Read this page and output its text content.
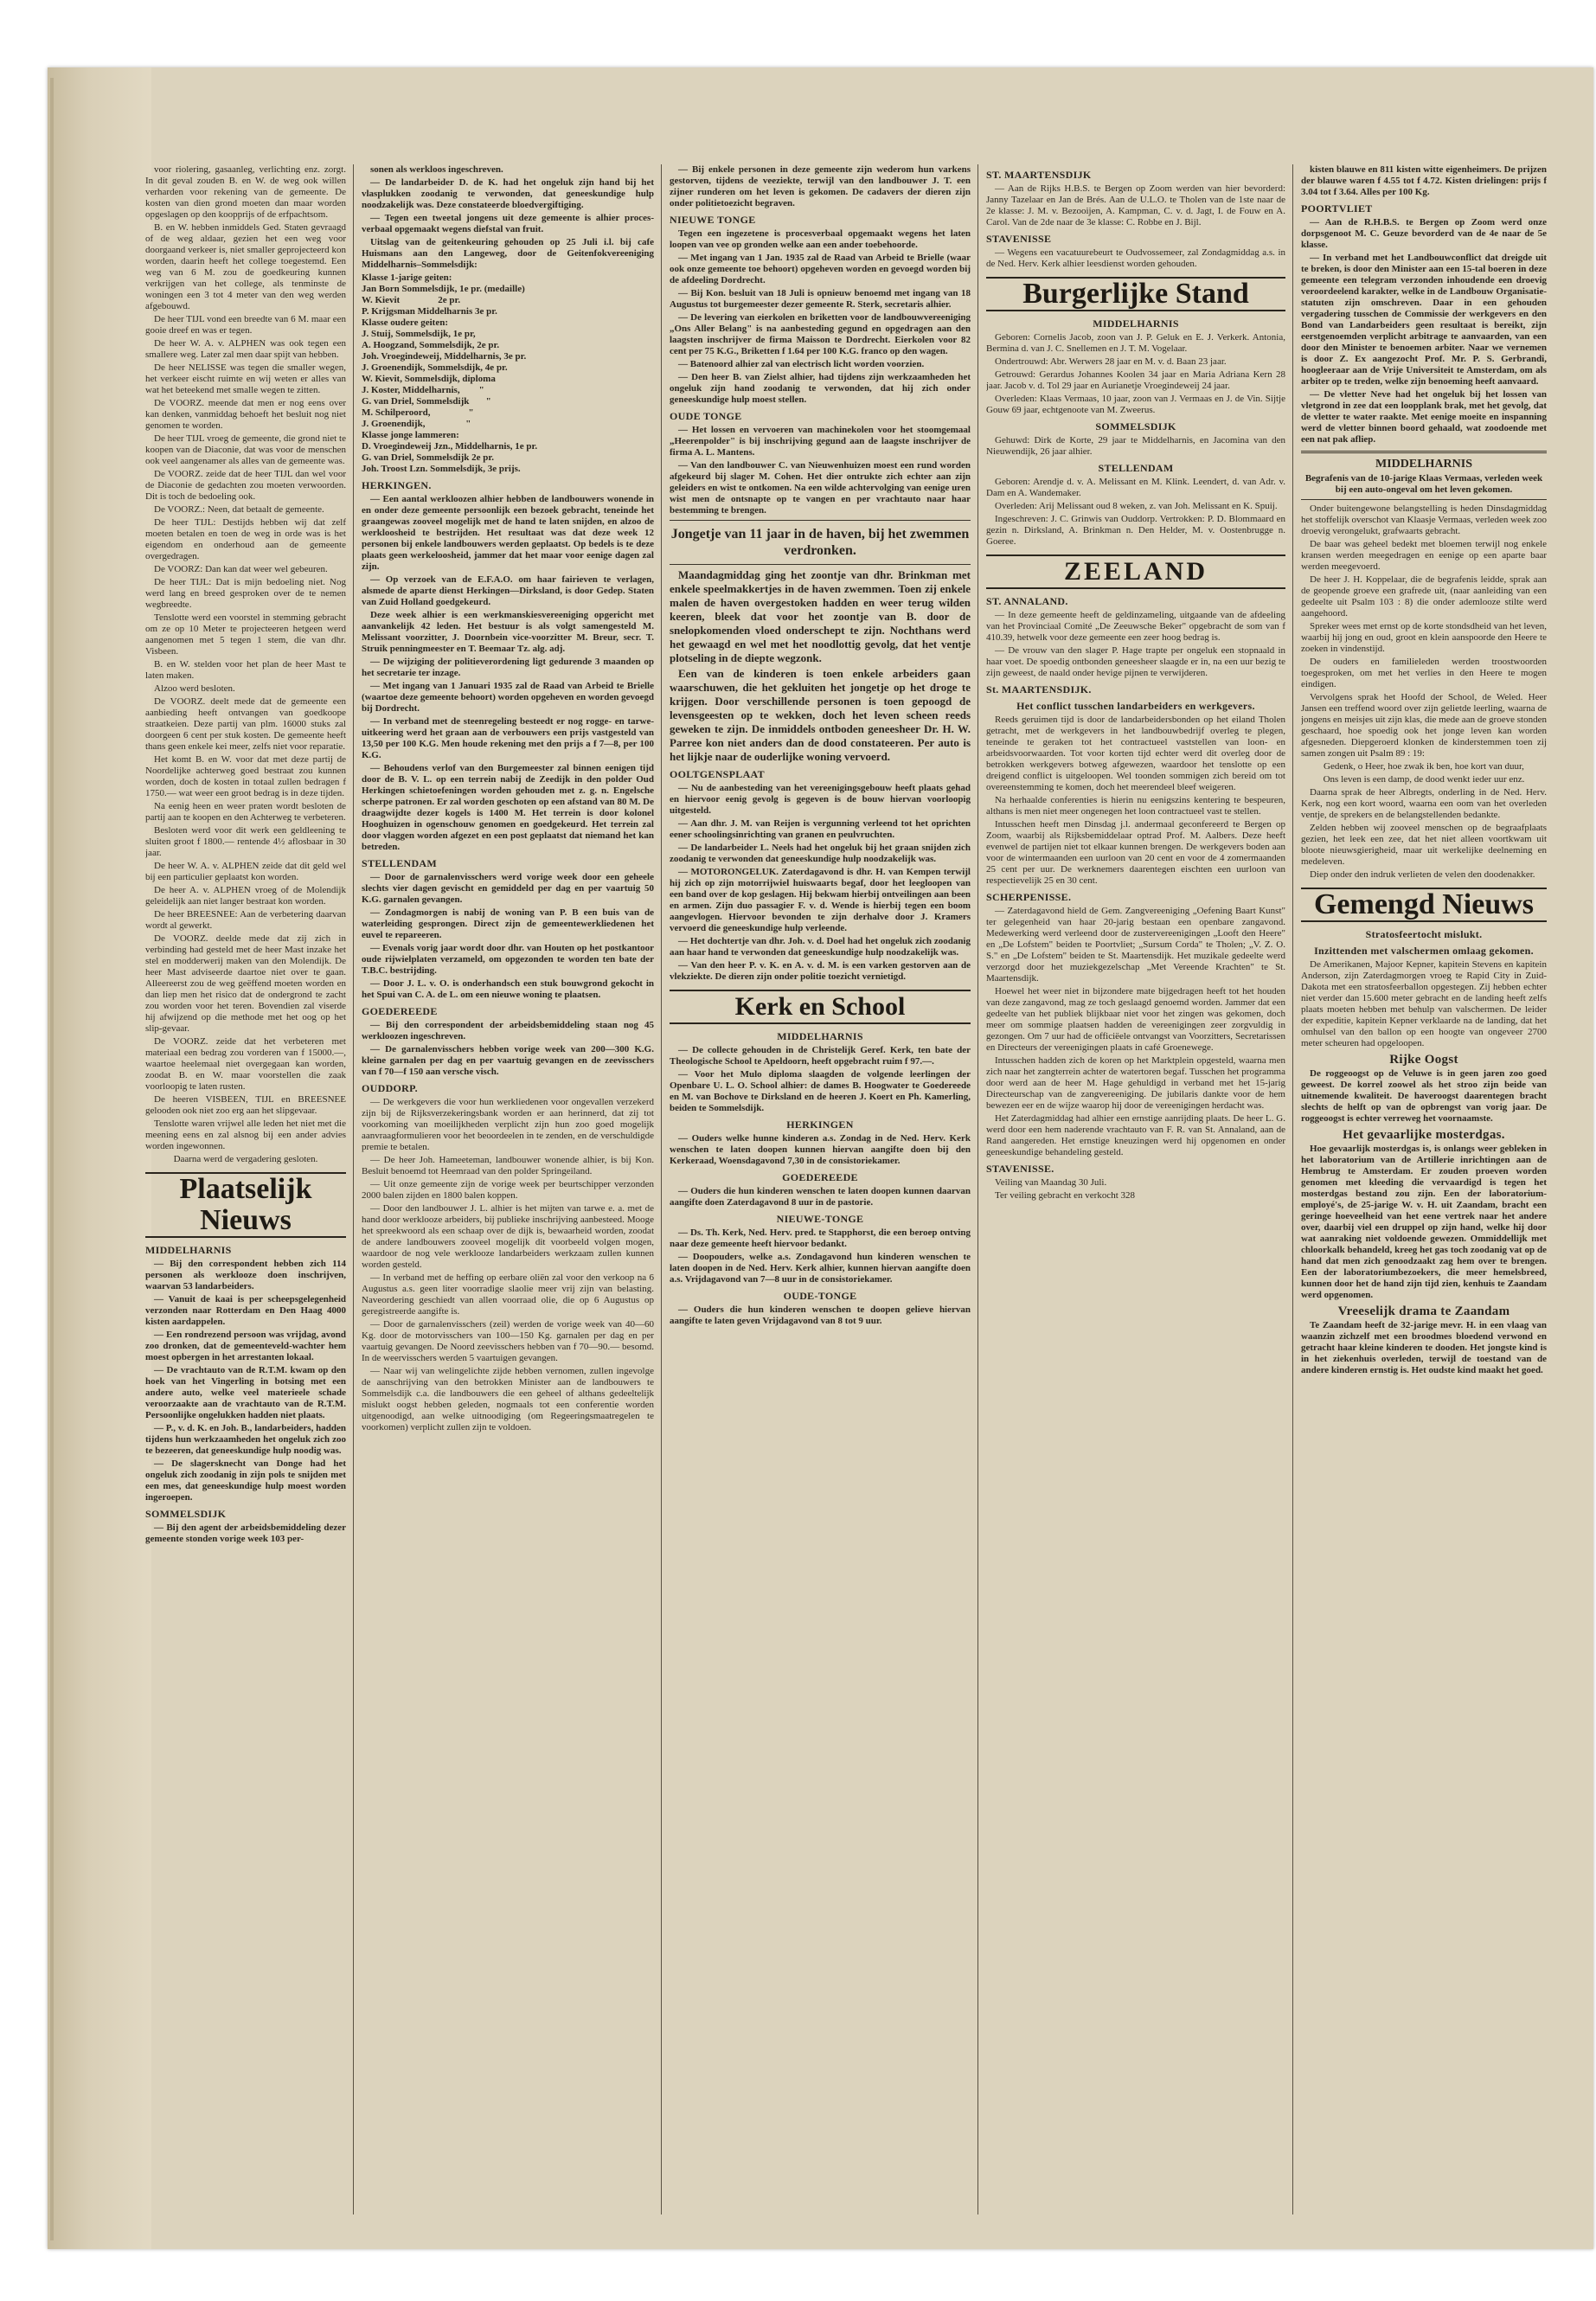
voor riolering, gasaanleg, verlichting enz. zorgt. In dit geval zouden B. en W. de weg ook willen verharden voor rekening van de gemeente. De kosten van dien grond moeten dan maar worden opgeslagen op den koopprijs of de erfpachtsom.

B. en W. hebben inmiddels Ged. Staten gevraagd of de weg aldaar, gezien het een weg voor doorgaand verkeer is, niet smaller geprojecteerd kon worden, daarin heeft het college toegestemd. Een weg van 6 M. zou de goedkeuring kunnen verkrijgen van het college, als tenminste de woningen een 3 tot 4 meter van den weg werden afgebouwd.

De heer TIJL vond een breedte van 6 M. maar een gooie dreef en was er tegen.

De heer W. A. v. ALPHEN was ook tegen een smallere weg. Later zal men daar spijt van hebben.

De heer NELISSE was tegen die smaller wegen, het verkeer eischt ruimte en wij weten er alles van wat het beteekend met smalle wegen te zitten.

De VOORZ. meende dat men er nog eens over kan denken, vanmiddag behoeft het besluit nog niet genomen te worden.

De heer TIJL vroeg de gemeente, die grond niet te koopen van de Diaconie, dat was voor de menschen ook veel aangenamer als alles van de gemeente was.

De VOORZ. zeide dat de heer TIJL dan wel voor de Diaconie de gedachten zou moeten verwoorden. Dit is toch de bedoeling ook.

De VOORZ.: Neen, dat betaalt de gemeente.

De heer TIJL: Destijds hebben wij dat zelf moeten betalen en toen de weg in orde was is het eigendom en onderhoud aan de gemeente overgedragen.

De VOORZ: Dan kan dat weer wel gebeuren.

De heer TIJL: Dat is mijn bedoeling niet. Nog werd lang en breed gesproken over de te nemen wegbreedte.

Tenslotte werd een voorstel in stemming gebracht om ze op 10 Meter te projecteeren hetgeen werd aangenomen met 5 tegen 1 stem, die van dhr. Visbeen.

B. en W. stelden voor het plan de heer Mast te laten maken.

Alzoo werd besloten.

De VOORZ. deelt mede dat de gemeente een aanbieding heeft ontvangen van goedkoope straatkeien. Deze partij van plm. 16000 stuks zal doorgeen 6 cent per stuk kosten. De gemeente heeft thans geen enkele kei meer, zelfs niet voor reparatie.

Het komt B. en W. voor dat met deze partij de Noordelijke achterweg goed bestraat zou kunnen worden, doch de kosten in totaal zullen bedragen f 1750.— wat weer een groot bedrag is in deze tijden.

Na eenig heen en weer praten wordt besloten de partij aan te koopen en den Achterweg te verbeteren.

Besloten werd voor dit werk een geldleening te sluiten groot f 1800.— rentende 4½ aflosbaar in 30 jaar.

De heer W. A. v. ALPHEN zeide dat dit geld wel bij een particulier geplaatst kon worden.

De heer A. v. ALPHEN vroeg of de Molendijk geleidelijk aan niet langer bestraat kon worden.

De heer BREESNEE: Aan de verbetering daarvan wordt al gewerkt.

De VOORZ. deelde mede dat zij zich in verbinding had gesteld met de heer Mast inzake het stel en modderwerij maken van den Molendijk. De heer Mast adviseerde daartoe niet over te gaan. Alleereerst zou de weg geëffend moeten worden en dan liep men het risico dat de ondergrond te zacht zou worden voor het teren. Bovendien zal viserde hij afwijzend op die methode met het oog op het slip-gevaar.

De VOORZ. zeide dat het verbeteren met materiaal een bedrag zou vorderen van f 15000.—, waartoe heelemaal niet overgegaan kan worden, zoodat B. en W. maar voorstellen die zaak voorloopig te laten rusten.

De heeren VISBEEN, TIJL en BREESNEE gelooden ook niet zoo erg aan het slipgevaar.

Tenslotte waren vrijwel alle leden het niet met die meening eens en zal alsnog bij een ander advies worden ingewonnen.

Daarna werd de vergadering gesloten.

Plaatselijk Nieuws
MIDDELHARNIS

— Bij den correspondent hebben zich 114 personen als werklooze doen inschrijven, waarvan 53 landarbeiders.

— Vanuit de kaai is per scheepsgelegenheid verzonden naar Rotterdam en Den Haag 4000 kisten aardappelen.

— Een rondrezend persoon was vrijdag, avond zoo dronken, dat de gemeenteveld-wachter hem moest opbergen in het arrestanten lokaal.

— De vrachtauto van de R.T.M. kwam op den hoek van het Vingerling in botsing met een andere auto, welke veel materieele schade veroorzaakte aan de vrachtauto van de R.T.M. Persoonlijke ongelukken hadden niet plaats.

— P., v. d. K. en Joh. B., landarbeiders, hadden tijdens hun werkzaamheden het ongeluk zich zoo te bezeeren, dat geneeskundige hulp noodig was.

— De slagersknecht van Donge had het ongeluk zich zoodanig in zijn pols te snijden met een mes, dat geneeskundige hulp moest worden ingeroepen.

SOMMELSDIJK

— Bij den agent der arbeidsbemiddeling dezer gemeente stonden vorige week 103 per-

sonen als werkloos ingeschreven.

— De landarbeider D. de K. had het ongeluk zijn hand bij het vlasplukken zoodanig te verwonden, dat geneeskundige hulp noodzakelijk was. Deze constateerde bloedvergiftiging.

— Tegen een tweetal jongens uit deze gemeente is alhier proces-verbaal opgemaakt wegens diefstal van fruit.

Uitslag van de geitenkeuring gehouden op 25 Juli i.l. bij cafe Huismans aan den Langeweg, door de Geitenfokvereeniging Middelharnis–Sommelsdijk:

Klasse 1-jarige geiten:
Jan Born Sommelsdijk, 1e pr. (medaille)
W. Kievit                2e pr.
P. Krijgsman Middelharnis 3e pr.
Klasse oudere geiten:
J. Stuij, Sommelsdijk, 1e pr,
A. Hoogzand, Sommelsdijk, 2e pr.
Joh. Vroegindeweij, Middelharnis, 3e pr.
J. Groenendijk, Sommelsdijk, 4e pr.
W. Kievit, Sommelsdijk, diploma
J. Koster, Middelharnis,        "
G. van Driel, Sommelsdijk       "
M. Schilperoord,                "
J. Groenendijk,                 "
Klasse jonge lammeren:
D. Vroegindeweij Jzn., Middelharnis, 1e pr.
G. van Driel, Sommelsdijk 2e pr.
Joh. Troost Lzn. Sommelsdijk, 3e prijs.
HERKINGEN.

— Een aantal werkloozen alhier hebben de landbouwers wonende in en onder deze gemeente persoonlijk een bezoek gebracht, teneinde het graangewas zooveel mogelijk met de hand te laten snijden, en alzoo de werkloosheid te bestrijden. Het resultaat was dat deze week 12 personen bij enkele landbouwers werden geplaatst. Op bedels is te deze plaats geen werkeloosheid, jammer dat het maar voor eenige dagen zal zijn.

— Op verzoek van de E.F.A.O. om haar fairieven te verlagen, alsmede de aparte dienst Herkingen—Dirksland, is door Gedep. Staten van Zuid Holland goedgekeurd.

Deze week alhier is een werkmanskiesvereeniging opgericht met aanvankelijk 42 leden. Het bestuur is als volgt samengesteld M. Melissant voorzitter, J. Doornbein vice-voorzitter M. Breur, secr. T. Struik penningmeester en T. Beemaar Tz. alg. adj.

— De wijziging der politieverordening ligt gedurende 3 maanden op het secretarie ter inzage.

— Met ingang van 1 Januari 1935 zal de Raad van Arbeid te Brielle (waartoe deze gemeente behoort) worden opgeheven en worden gevoegd bij Dordrecht.

— In verband met de steenregeling besteedt er nog rogge- en tarwe-uitkeering werd het graan aan de verbouwers een prijs vastgesteld van 13,50 per 100 K.G. Men houde rekening met den prijs a f 7—8, per 100 K.G.

— Behoudens verlof van den Burgemeester zal binnen eenigen tijd door de B. V. L. op een terrein nabij de Zeedijk in den polder Oud Herkingen schietoefeningen worden gehouden met z. g. n. Engelsche scherpe patronen. Er zal worden geschoten op een afstand van 80 M. De draagwijdte dezer kogels is 1400 M. Het terrein is door kolonel Hooghuizen in ogenschouw genomen en goedgekeurd. Het terrein zal door vlaggen worden afgezet en een post geplaatst dat niemand het kan betreden.

STELLENDAM

— Door de garnalenvisschers werd vorige week door een geheele slechts vier dagen gevischt en gemiddeld per dag en per vaartuig 50 K.G. garnalen gevangen.

— Zondagmorgen is nabij de woning van P. B een buis van de waterleiding gesprongen. Direct zijn de gemeentewerkliedenen het euvel te repareeren.

— Evenals vorig jaar wordt door dhr. van Houten op het postkantoor oude rijwielplaten verzameld, om opgezonden te worden ten bate der T.B.C. bestrijding.

— Door J. L. v. O. is onderhandsch een stuk bouwgrond gekocht in het Spui van C. A. de L. om een nieuwe woning te plaatsen.

GOEDEREEDE

— Bij den correspondent der arbeidsbemiddeling staan nog 45 werkloozen ingeschreven.

— De garnalenvisschers hebben vorige week van 200—300 K.G. kleine garnalen per dag en per vaartuig gevangen en de zeevisschers van f 70—f 150 aan versche visch.

OUDDORP.

— De werkgevers die voor hun werkliedenen voor ongevallen verzekerd zijn bij de Rijksverzekeringsbank worden er aan herinnerd, dat zij tot voorkoming van moeilijkheden verplicht zijn hun zoo goed mogelijk aanvraagformulieren voor het beoordeelen in te zenden, en de verschuldigde premie te betalen.

— De heer Joh. Hameeteman, landbouwer wonende alhier, is bij Kon. Besluit benoemd tot Heemraad van den polder Springeiland.

— Uit onze gemeente zijn de vorige week per beurtschipper verzonden 2000 balen zijden en 1800 balen koppen.

— Door den landbouwer J. L. alhier is het mijten van tarwe e. a. met de hand door werklooze arbeiders, bij publieke inschrijving aanbesteed. Mooge het spreekwoord als een schaap over de dijk is, bewaarheid worden, zoodat de andere landbouwers zooveel mogelijk dit voorbeeld volgen mogen, waardoor de nog vele werklooze landarbeiders werkzaam zullen kunnen worden gesteld.

— In verband met de heffing op eerbare oliën zal voor den verkoop na 6 Augustus a.s. geen liter voorradige slaolie meer vrij zijn van belasting. Naveordering geschiedt van allen voorraad olie, die op 6 Augustus op geregistreerde aangifte is.

— Door de garnalenvisschers (zeil) werden de vorige week van 40—60 Kg. door de motorvisschers van 100—150 Kg. garnalen per dag en per vaartuig gevangen. De Noord zeevisschers hebben van f 70—90.— besomd. In de weervisschers werden 5 vaartuigen gevangen.

— Naar wij van welingelichte zijde hebben vernomen, zullen ingevolge de aanschrijving van den betrokken Minister aan de landbouwers te Sommelsdijk c.a. die landbouwers die een geheel of althans gedeeltelijk mislukt oogst hebben geleden, nogmaals tot een conferentie worden uitgenoodigd, aan welke uitnoodiging (om Regeeringsmaatregelen te voorkomen) verplicht zullen zijn te voldoen.

— Bij enkele personen in deze gemeente zijn wederom hun varkens gestorven, tijdens de veeziekte, terwijl van den landbouwer J. T. een zijner runderen om het leven is gekomen. De cadavers der dieren zijn onder politietoezicht begraven.

NIEUWE TONGE

Tegen een ingezetene is procesverbaal opgemaakt wegens het laten loopen van vee op gronden welke aan een ander toebehoorde.

— Met ingang van 1 Jan. 1935 zal de Raad van Arbeid te Brielle (waar ook onze gemeente toe behoort) opgeheven worden en gevoegd worden bij de afdeeling Dordrecht.

— Bij Kon. besluit van 18 Juli is opnieuw benoemd met ingang van 18 Augustus tot burgemeester dezer gemeente R. Sterk, secretaris alhier.

— De levering van eierkolen en briketten voor de landbouwvereeniging „Ons Aller Belang" is na aanbesteding gegund en opgedragen aan den laagsten inschrijver de firma Maisson te Dordrecht. Eierkolen voor 82 cent per 75 K.G., Briketten f 1.64 per 100 K.G. franco op den wagen.

— Batenoord alhier zal van electrisch licht worden voorzien.

— Den heer B. van Zielst alhier, had tijdens zijn werkzaamheden het ongeluk zijn hand zoodanig te verwonden, dat hij zich onder geneeskundige hulp moest stellen.

OUDE TONGE

— Het lossen en vervoeren van machinekolen voor het stoomgemaal „Heerenpolder" is bij inschrijving gegund aan de laagste inschrijver de firma A. L. Mantens.

— Van den landbouwer C. van Nieuwenhuizen moest een rund worden afgekeurd bij slager M. Cohen. Het dier ontrukte zich echter aan zijn geleiders en wist te ontkomen. Na een wilde achtervolging van eenige uren wist men de ontsnapte op te vangen en per vrachtauto naar haar bestemming te brengen.

Jongetje van 11 jaar in de haven, bij het zwemmen verdronken.

Maandagmiddag ging het zoontje van dhr. Brinkman met enkele speelmakkertjes in de haven zwemmen. Toen zij enkele malen de haven overgestoken hadden en weer terug wilden keeren, bleek dat voor het zoontje van B. door de snelopkomenden vloed onderschept te zijn. Nochthans werd het gewaagd en wel met het noodlottig gevolg, dat het ventje plotseling in de diepte wegzonk.

Een van de kinderen is toen enkele arbeiders gaan waarschuwen, die het gekluiten het jongetje op het droge te krijgen. Door verschillende personen is toen gepoogd de levensgeesten op te wekken, doch het leven scheen reeds geweken te zijn. De inmiddels ontboden geneesheer Dr. H. W. Parree kon niet anders dan de dood constateeren. Per auto is het lijkje naar de ouderlijke woning vervoerd.

OOLTGENSPLAAT

— Nu de aanbesteding van het vereenigingsgebouw heeft plaats gehad en hiervoor eenig gevolg is gegeven is de bouw hiervan voorloopig uitgesteld.

— Aan dhr. J. M. van Reijen is vergunning verleend tot het oprichten eener schoolingsinrichting van granen en peulvruchten.

— De landarbeider L. Neels had het ongeluk bij het graan snijden zich zoodanig te verwonden dat geneeskundige hulp noodzakelijk was.

— MOTORONGELUK. Zaterdagavond is dhr. H. van Kempen terwijl hij zich op zijn motorrijwiel huiswaarts begaf, door het leegloopen van een band over de kop geslagen. Hij bekwam hierbij ontveilingen aan been en armen. Zijn duo passagier F. v. d. Wende is hierbij tegen een boom aangevlogen. Hiervoor bevonden te zijn derhalve door J. Kramers vervoerd die geneeskundige hulp verleende.

— Het dochtertje van dhr. Joh. v. d. Doel had het ongeluk zich zoodanig aan haar hand te verwonden dat geneeskundige hulp noodzakelijk was.

— Van den heer P. v. K. en A. v. d. M. is een varken gestorven aan de vlekziekte. De dieren zijn onder politie toezicht vernietigd.

Kerk en School
MIDDELHARNIS

— De collecte gehouden in de Christelijk Geref. Kerk, ten bate der Theologische School te Apeldoorn, heeft opgebracht ruim f 97.—.

— Voor het Mulo diploma slaagden de volgende leerlingen der Openbare U. L. O. School alhier: de dames B. Hoogwater te Goedereede en M. van Bochove te Dirksland en de heeren J. Koert en Ph. Kamerling, beiden te Sommelsdijk.

HERKINGEN

— Ouders welke hunne kinderen a.s. Zondag in de Ned. Herv. Kerk wenschen te laten doopen kunnen hiervan aangifte doen bij den Kerkeraad, Woensdagavond 7,30 in de consistoriekamer.

GOEDEREEDE

— Ouders die hun kinderen wenschen te laten doopen kunnen daarvan aangifte doen Zaterdagavond 8 uur in de pastorie.

NIEUWE-TONGE

— Ds. Th. Kerk, Ned. Herv. pred. te Stapphorst, die een beroep ontving naar deze gemeente heeft hiervoor bedankt.

— Doopouders, welke a.s. Zondagavond hun kinderen wenschen te laten doopen in de Ned. Herv. Kerk alhier, kunnen hiervan aangifte doen a.s. Vrijdagavond van 7—8 uur in de consistoriekamer.

OUDE-TONGE

— Ouders die hun kinderen wenschen te doopen gelieve hiervan aangifte te laten geven Vrijdagavond van 8 tot 9 uur.

ST. MAARTENSDIJK

— Aan de Rijks H.B.S. te Bergen op Zoom werden van hier bevorderd: Janny Tazelaar en Jan de Brés. Aan de U.L.O. te Tholen van de 1ste naar de 2e klasse: J. M. v. Bezooijen, A. Kampman, C. v. d. Jagt, I. de Fouw en A. Carol. Van de 2de naar de 3e klasse: C. Robbe en J. Bijl.

STAVENISSE

— Wegens een vacatuurebeurt te Oudvossemeer, zal Zondagmiddag a.s. in de Ned. Herv. Kerk alhier leesdienst worden gehouden.

Burgerlijke Stand
MIDDELHARNIS

Geboren: Cornelis Jacob, zoon van J. P. Geluk en E. J. Verkerk. Antonia, Bermina d. van J. C. Snellemen en J. T. M. Vogelaar.

Ondertrouwd: Abr. Werwers 28 jaar en M. v. d. Baan 23 jaar.

Getrouwd: Gerardus Johannes Koolen 34 jaar en Maria Adriana Kern 28 jaar. Jacob v. d. Tol 29 jaar en Aurianetje Vroegindeweij 24 jaar.

Overleden: Klaas Vermaas, 10 jaar, zoon van J. Vermaas en J. de Vin. Sijtje Gouw 69 jaar, echtgenoote van M. Zweerus.

SOMMELSDIJK

Gehuwd: Dirk de Korte, 29 jaar te Middelharnis, en Jacomina van den Nieuwendijk, 26 jaar alhier.

STELLENDAM

Geboren: Arendje d. v. A. Melissant en M. Klink. Leendert, d. van Adr. v. Dam en A. Wandemaker.

Overleden: Arij Melissant oud 8 weken, z. van Joh. Melissant en K. Spuij.

Ingeschreven: J. C. Grinwis van Ouddorp. Vertrokken: P. D. Blommaard en gezin n. Dirksland, A. Brinkman n. Den Helder, M. v. Oostenbrugge n. Goeree.

ZEELAND
ST. ANNALAND.

— In deze gemeente heeft de geldinzameling, uitgaande van de afdeeling van het Provinciaal Comité „De Zeeuwsche Beker" opgebracht de som van f 410.39, hetwelk voor deze gemeente een zeer hoog bedrag is.

— De vrouw van den slager P. Hage trapte per ongeluk een stopnaald in haar voet. De spoedig ontbonden geneesheer slaagde er in, na een uur bezig te zijn geweest, de naald onder hevige pijnen te verwijderen.

St. MAARTENSDIJK.
Het conflict tusschen landarbeiders en werkgevers.

Reeds geruimen tijd is door de landarbeidersbonden op het eiland Tholen getracht, met de werkgevers in het landbouwbedrijf overleg te plegen, teneinde te geraken tot het contractueel vaststellen van loon- en arbeidsvoorwaarden. Tot voor korten tijd echter werd dit overleg door de betrokken werkgevers botweg afgewezen, waardoor het tenslotte op een dreigend conflict is uitgeloopen. Wel toonden sommigen zich bereid om tot overeenstemming te komen, doch het meerendeel bleef weigeren.

Na herhaalde conferenties is hierin nu eenigszins kentering te bespeuren, althans is men niet meer ongenegen het loon contractueel vast te stellen.

Intusschen heeft men Dinsdag j.l. andermaal geconfereerd te Bergen op Zoom, waarbij als Rijksbemiddelaar optrad Prof. M. Aalbers. Deze heeft evenwel de partijen niet tot elkaar kunnen brengen. De werkgevers boden aan voor de wintermaanden een uurloon van 20 cent en voor de 4 zomermaanden 25 cent per uur. De werknemers daarentegen eischten een uurloon van respectievelijk 25 en 30 cent.

SCHERPENISSE.

— Zaterdagavond hield de Gem. Zangvereeniging „Oefening Baart Kunst" ter gelegenheid van haar 20-jarig bestaan een openbare zangavond. Medewerking werd verleend door de zustervereenigingen „Looft den Heere" en „De Lofstem" beiden te Poortvliet; „Sursum Corda" te Tholen; „V. Z. O. S." en „De Lofstem" beiden te St. Maartensdijk. Het muzikale gedeelte werd verzorgd door het muziekgezelschap „Met Vereende Krachten" te St. Maartensdijk.

Hoewel het weer niet in bijzondere mate bijgedragen heeft tot het houden van deze zangavond, mag ze toch geslaagd genoemd worden. Jammer dat een gedeelte van het publiek blijkbaar niet voor het zingen was gekomen, doch meer om sommige plaatsen hadden de vereenigingen zeer zorgvuldig in gezongen. Om 7 uur had de officiëele ontvangst van Voorzitters, Secretarissen en Directeurs der vereenigingen plaats in café Groenewege.

Intusschen hadden zich de koren op het Marktplein opgesteld, waarna men zich naar het zangterrein achter de watertoren begaf. Tusschen het programma door werd aan de heer M. Hage gehuldigd in verband met het 15-jarig Directeurschap van de zangvereeniging. De jubilaris dankte voor de hem bewezen eer en de wijze waarop hij door de vereenigingen herdacht was.

Het Zaterdagmiddag had alhier een ernstige aanrijding plaats. De heer L. G. werd door een hem naderende vrachtauto van F. R. van St. Annaland, aan de Rand aangereden. Het ernstige kneuzingen werd hij opgenomen en onder geneeskundige behandeling gesteld.

STAVENISSE.

Veiling van Maandag 30 Juli.

Ter veiling gebracht en verkocht 328

kisten blauwe en 811 kisten witte eigenheimers. De prijzen der blauwe waren f 4.55 tot f 4.72. Kisten drielingen: prijs f 3.04 tot f 3.64. Alles per 100 Kg.

POORTVLIET

— Aan de R.H.B.S. te Bergen op Zoom werd onze dorpsgenoot M. C. Geuze bevorderd van de 4e naar de 5e klasse.

— In verband met het Landbouwconflict dat dreigde uit te breken, is door den Minister aan een 15-tal boeren in deze gemeente een telegram verzonden inhoudende een droevig veroordeelend karakter, welke in de Landbouw Organisatie-statuten zijn omschreven. Daar in een gehouden vergadering tusschen de Commissie der werkgevers en den Bond van Landarbeiders geen resultaat is bereikt, zijn eerstgenoemden verplicht arbitrage te aanvaarden, van een door den Minister te benoemen arbiter. Naar we vernemen is door Z. Ex aangezocht Prof. Mr. P. S. Gerbrandi, hoogleeraar aan de Vrije Universiteit te Amsterdam, om als arbiter op te treden, welke zijn benoeming heeft aanvaard.

— De vletter Neve had het ongeluk bij het lossen van vletgrond in zee dat een loopplank brak, met het gevolg, dat de vletter te water raakte. Met eenige moeite en inspanning werd de vletter binnen boord gehaald, wat zoodoende met een nat pak afliep.

MIDDELHARNIS

Begrafenis van de 10-jarige Klaas Vermaas, verleden week bij een auto-ongeval om het leven gekomen.

Onder buitengewone belangstelling is heden Dinsdagmiddag het stoffelijk overschot van Klaasje Vermaas, verleden week zoo droevig verongelukt, grafwaarts gebracht.

De baar was geheel bedekt met bloemen terwijl nog enkele kransen werden meegedragen en eenige op een aparte baar werden meegevoerd.

De heer J. H. Koppelaar, die de begrafenis leidde, sprak aan de geopende groeve een grafrede uit, (naar aanleiding van een gedeelte uit Psalm 103 : 8) die onder ademlooze stilte werd aangehoord.

Spreker wees met ernst op de korte stondsdheid van het leven, waarbij hij jong en oud, groot en klein aanspoorde den Heere te zoeken in vindenstijd.

De ouders en familieleden werden troostwoorden toegesproken, om met het verlies in den Heere te mogen eindigen.

Vervolgens sprak het Hoofd der School, de Weled. Heer Jansen een treffend woord over zijn gelietde leerling, waarna de jongens en meisjes uit zijn klas, die mede aan de groeve stonden geschaard, hoe spoedig ook het jonge leven kan worden afgesneden. Diepgeroerd klonken de kinderstemmen toen zij samen zongen uit Psalm 89 : 19:

Gedenk, o Heer, hoe zwak ik ben, hoe kort van duur,

Ons leven is een damp, de dood wenkt ieder uur enz.

Daarna sprak de heer Albregts, onderling in de Ned. Herv. Kerk, nog een kort woord, waarna een oom van het overleden ventje, de sprekers en de belangstellenden bedankte.

Zelden hebben wij zooveel menschen op de begraafplaats gezien, het leek een zee, dat het niet alleen voortkwam uit bloote nieuwsgierigheid, maar uit werkelijke deelneming en medeleven.

Diep onder den indruk verlieten de velen den doodenakker.

Gemengd Nieuws
Stratosfeertocht mislukt.
Inzittenden met valschermen omlaag gekomen.

De Amerikanen, Majoor Kepner, kapitein Stevens en kapitein Anderson, zijn Zaterdagmorgen vroeg te Rapid City in Zuid-Dakota met een stratosfeerballon opgestegen. Zij hebben echter niet verder dan 15.600 meter gebracht en de landing heeft zelfs plaats moeten hebben met behulp van valschermen. De leider der expeditie, kapitein Kepner verklaarde na de landing, dat het omhulsel van den ballon op een hoogte van ongeveer 2700 meter scheuren had opgeloopen.

Rijke Oogst

De roggeoogst op de Veluwe is in geen jaren zoo goed geweest. De korrel zoowel als het stroo zijn beide van uitnemende kwaliteit. De haveroogst daarentegen bracht slechts de helft op van de opbrengst van vorig jaar. De roggeoogst is echter verreweg het voornaamste.

Het gevaarlijke mosterdgas.

Hoe gevaarlijk mosterdgas is, is onlangs weer gebleken in het laboratorium van de Artillerie inrichtingen aan de Hembrug te Amsterdam. Er zouden proeven worden genomen met kleeding die vervaardigd is tegen het mosterdgas bestand zou zijn. Een der laboratorium-employé's, de 25-jarige W. v. H. uit Zaandam, bracht een geringe hoeveelheid van het eene vertrek naar het andere over, daarbij viel een druppel op zijn hand, welke hij door wat aanraking niet voldoende gewezen. Ommiddellijk met chloorkalk behandeld, kreeg het gas toch zoodanig vat op de hand dat men zich genoodzaakt zag hem over te brengen. Een der laboratoriumbezoekers, die meer hemelsbreed, kunnen door het de hand zijn tijd zien, kenhuis te Zaandam werd opgenomen.

Vreeselijk drama te Zaandam

Te Zaandam heeft de 32-jarige mevr. H. in een vlaag van waanzin zichzelf met een broodmes bloedend verwond en getracht haar kleine kinderen te dooden. Het jongste kind is in het ziekenhuis overleden, terwijl de toestand van de andere kinderen ernstig is. Het oudste kind maakt het goed.
